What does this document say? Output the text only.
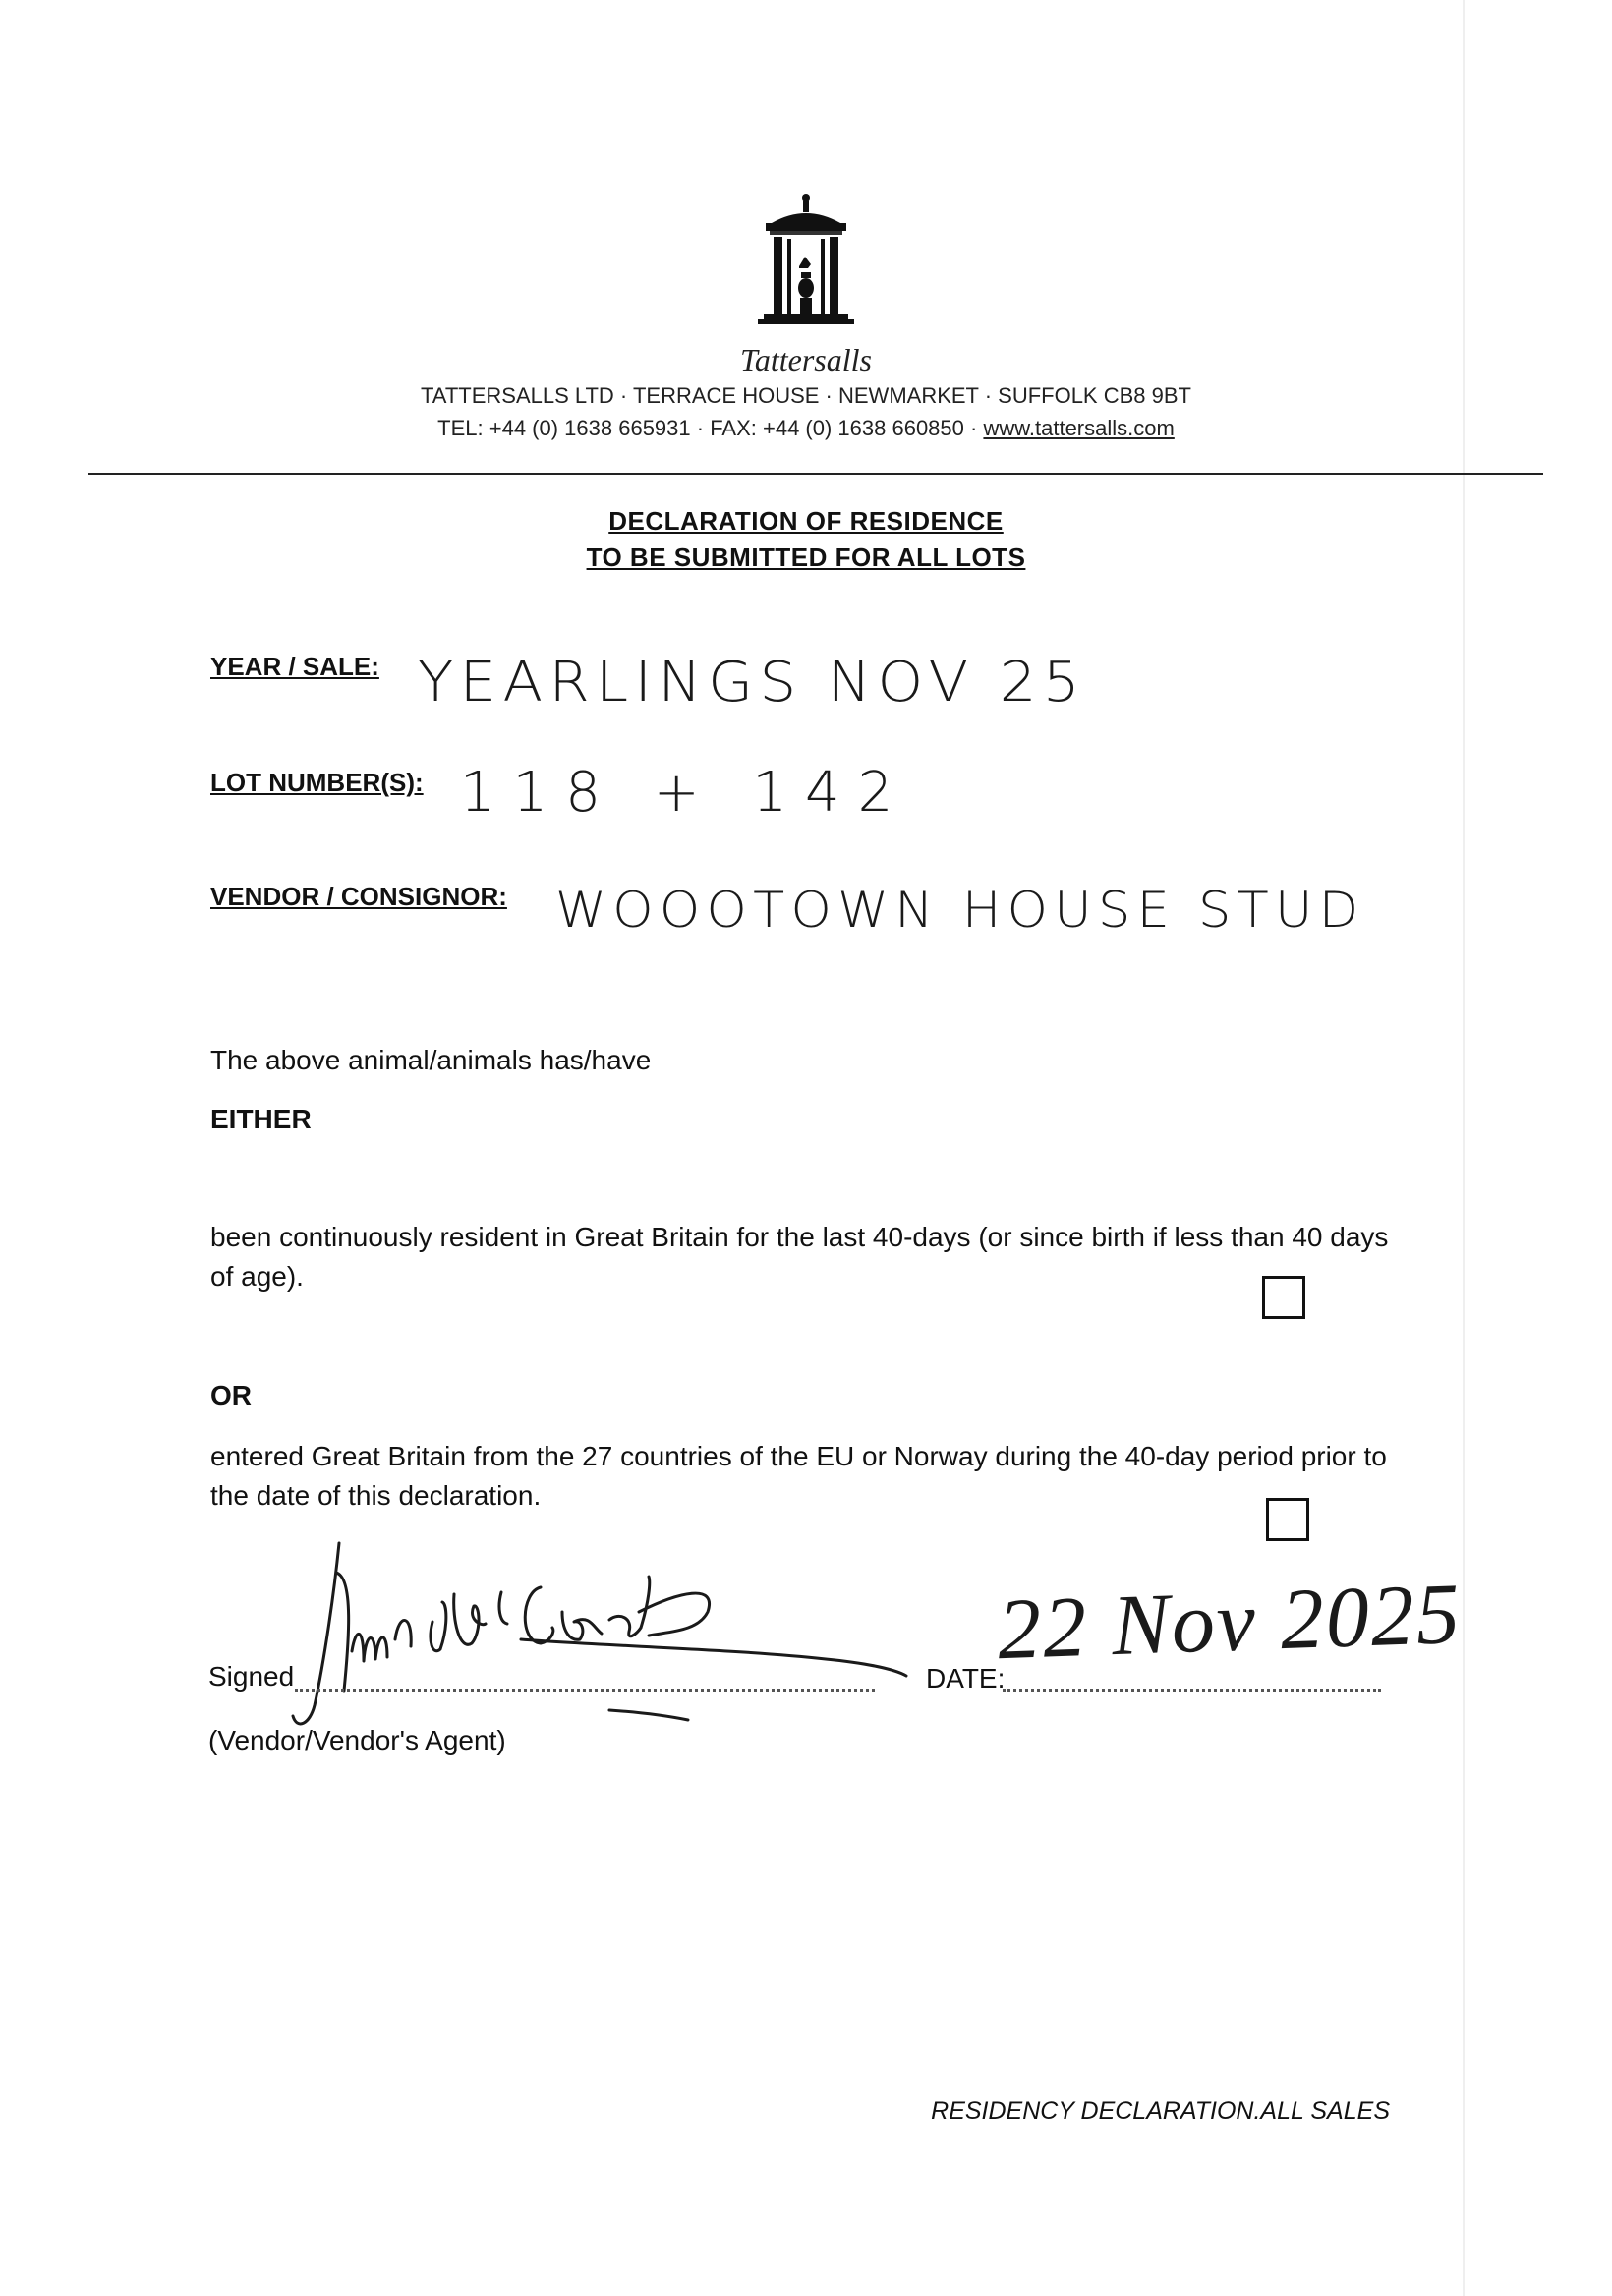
Tattersalls
TATTERSALLS LTD · TERRACE HOUSE · NEWMARKET · SUFFOLK CB8 9BT
TEL: +44 (0) 1638 665931 · FAX: +44 (0) 1638 660850 · www.tattersalls.com
DECLARATION OF RESIDENCE
TO BE SUBMITTED FOR ALL LOTS
YEAR / SALE: YEARLINGS NOV 25
LOT NUMBER(S): 118 + 142
VENDOR / CONSIGNOR: WOOOTOWN HOUSE STUD
The above animal/animals has/have
EITHER
been continuously resident in Great Britain for the last 40-days (or since birth if less than 40 days of age).
OR
entered Great Britain from the 27 countries of the EU or Norway during the 40-day period prior to the date of this declaration.
Signed	DATE:
22 Nov 2025
(Vendor/Vendor's Agent)
RESIDENCY DECLARATION.ALL SALES
